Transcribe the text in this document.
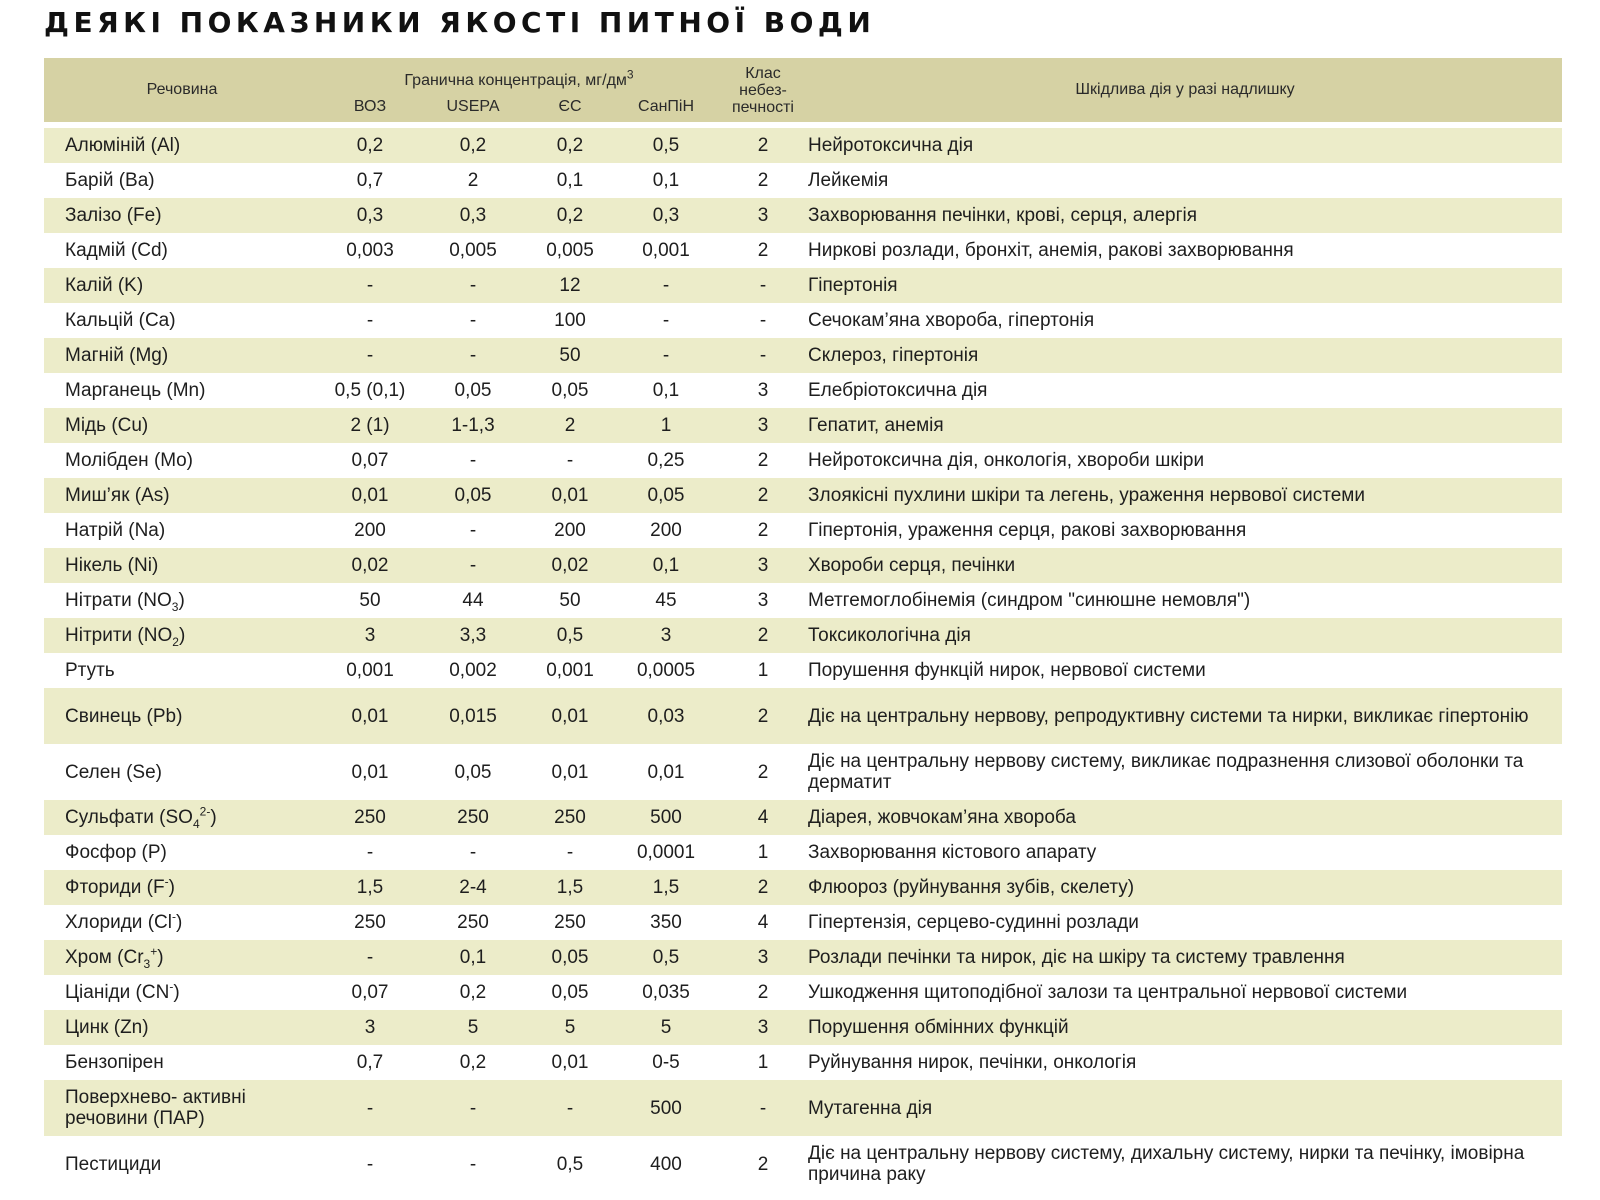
ДЕЯКІ ПОКАЗНИКИ ЯКОСТІ ПИТНОЇ ВОДИ
Речовина	Гранична концентрація, $мг/дм^3$				Клас
небез-
печності	Шкідлива дія у разі надлишку
	ВОЗ	USEPA	ЄС	СанПіН		

Алюміній (Al)	0,2	0,2	0,2	0,5	2	Нейротоксична дія
Барій (Ba)	0,7	2	0,1	0,1	2	Лейкемія
Залізо (Fe)	0,3	0,3	0,2	0,3	3	Захворювання печінки, крові, серця, алергія
Кадмій (Cd)	0,003	0,005	0,005	0,001	2	Ниркові розлади, бронхіт, анемія, ракові захворювання
Калій (K)	-	-	12	-	-	Гіпертонія
Кальцій (Ca)	-	-	100	-	-	Сечокам’яна хвороба, гіпертонія
Магній (Mg)	-	-	50	-	-	Склероз, гіпертонія
Марганець (Mn)	0,5 (0,1)	0,05	0,05	0,1	3	Елебріотоксична дія
Мідь (Cu)	2 (1)	1-1,3	2	1	3	Гепатит, анемія
Молібден (Mo)	0,07	-	-	0,25	2	Нейротоксична дія, онкологія, хвороби шкіри
Миш’як (As)	0,01	0,05	0,01	0,05	2	Злоякісні пухлини шкіри та легень, ураження нервової системи
Натрій (Na)	200	-	200	200	2	Гіпертонія, ураження серця, ракові захворювання
Нікель (Ni)	0,02	-	0,02	0,1	3	Хвороби серця, печінки
Нітрати $(NO_3)$	50	44	50	45	3	Метгемоглобінемія (синдром "синюшне немовля")
Нітрити $(NO_2)$	3	3,3	0,5	3	2	Токсикологічна дія
Ртуть	0,001	0,002	0,001	0,0005	1	Порушення функцій нирок, нервової системи
Свинець (Pb)	0,01	0,015	0,01	0,03	2	Діє на центральну нервову, репродуктивну системи та нирки, викликає гіпертонію
Селен (Se)	0,01	0,05	0,01	0,01	2	Діє на центральну нервову систему, викликає подразнення слизової оболонки та дерматит
Сульфати $(SO_4^{2-})$	250	250	250	500	4	Діарея, жовчокам’яна хвороба
Фосфор (P)	-	-	-	0,0001	1	Захворювання кістового апарату
Фториди (F-)	1,5	2-4	1,5	1,5	2	Флюороз (руйнування зубів, скелету)
Хлориди (Cl-)	250	250	250	350	4	Гіпертензія, серцево-судинні розлади
Хром $(Cr_3^+)$	-	0,1	0,05	0,5	3	Розлади печінки та нирок, діє на шкіру та систему травлення
Ціаніди (CN-)	0,07	0,2	0,05	0,035	2	Ушкодження щитоподібної залози та центральної нервової системи
Цинк (Zn)	3	5	5	5	3	Порушення обмінних функцій
Бензопірен	0,7	0,2	0,01	0-5	1	Руйнування нирок, печінки, онкологія
Поверхнево- активні речовини (ПАР)	-	-	-	500	-	Мутагенна дія
Пестициди	-	-	0,5	400	2	Діє на центральну нервову систему, дихальну систему, нирки та печінку, імовірна причина раку
